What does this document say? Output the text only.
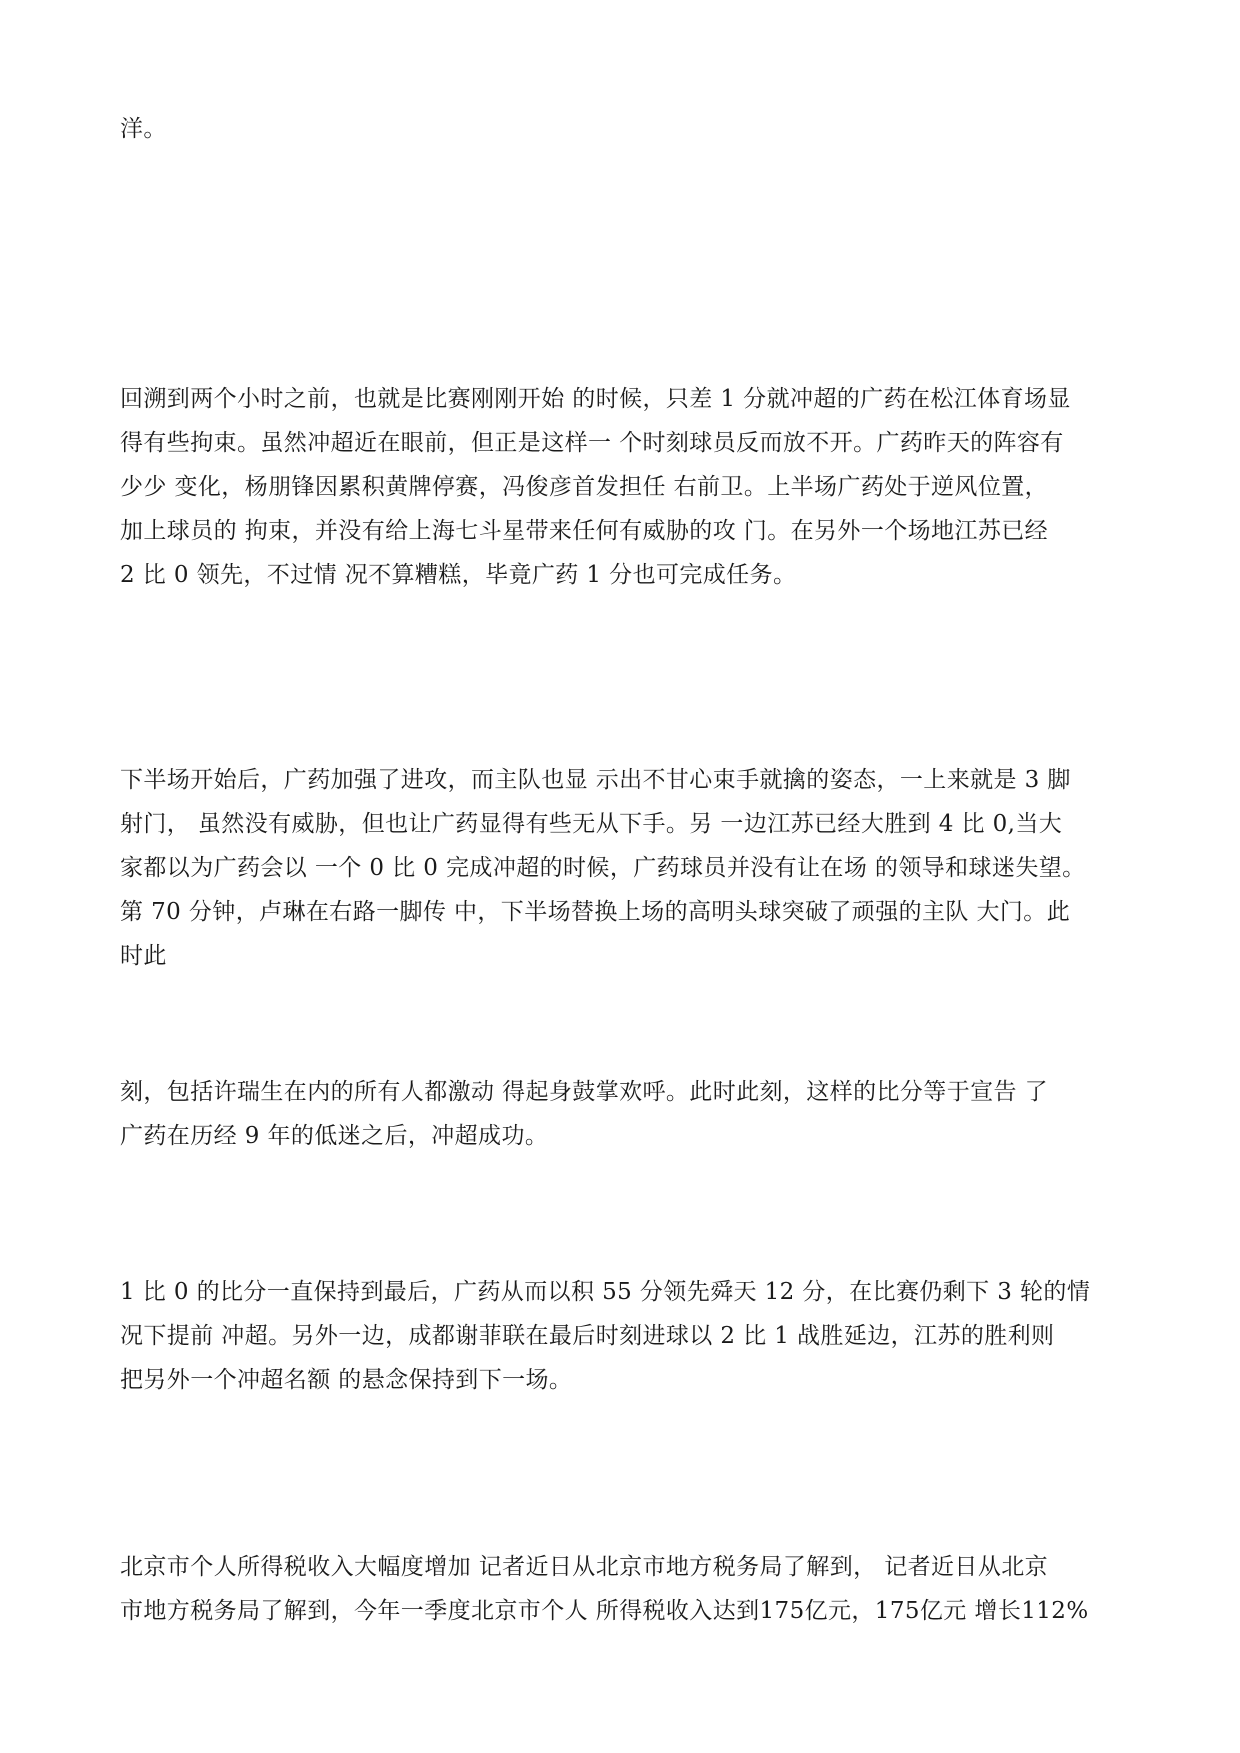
洋。

回溯到两个小时之前，也就是比赛刚刚开始 的时候，只差 1 分就冲超的广药在松江体育场显
得有些拘束。虽然冲超近在眼前，但正是这样一 个时刻球员反而放不开。广药昨天的阵容有
少少 变化，杨朋锋因累积黄牌停赛，冯俊彦首发担任 右前卫。上半场广药处于逆风位置，
加上球员的 拘束，并没有给上海七斗星带来任何有威胁的攻 门。在另外一个场地江苏已经
2 比 0 领先，不过情 况不算糟糕，毕竟广药 1 分也可完成任务。

下半场开始后，广药加强了进攻，而主队也显 示出不甘心束手就擒的姿态，一上来就是 3 脚
射门， 虽然没有威胁，但也让广药显得有些无从下手。另 一边江苏已经大胜到 4 比 0,当大
家都以为广药会以 一个 0 比 0 完成冲超的时候，广药球员并没有让在场 的领导和球迷失望。
第 70 分钟，卢琳在右路一脚传 中，下半场替换上场的高明头球突破了顽强的主队 大门。此
时此

刻，包括许瑞生在内的所有人都激动 得起身鼓掌欢呼。此时此刻，这样的比分等于宣告 了
广药在历经 9 年的低迷之后，冲超成功。

1 比 0 的比分一直保持到最后，广药从而以积 55 分领先舜天 12 分，在比赛仍剩下 3 轮的情
况下提前 冲超。另外一边，成都谢菲联在最后时刻进球以 2 比 1 战胜延边，江苏的胜利则
把另外一个冲超名额 的悬念保持到下一场。

北京市个人所得税收入大幅度增加 记者近日从北京市地方税务局了解到， 记者近日从北京
市地方税务局了解到，今年一季度北京市个人 所得税收入达到175亿元，175亿元 增长112%
